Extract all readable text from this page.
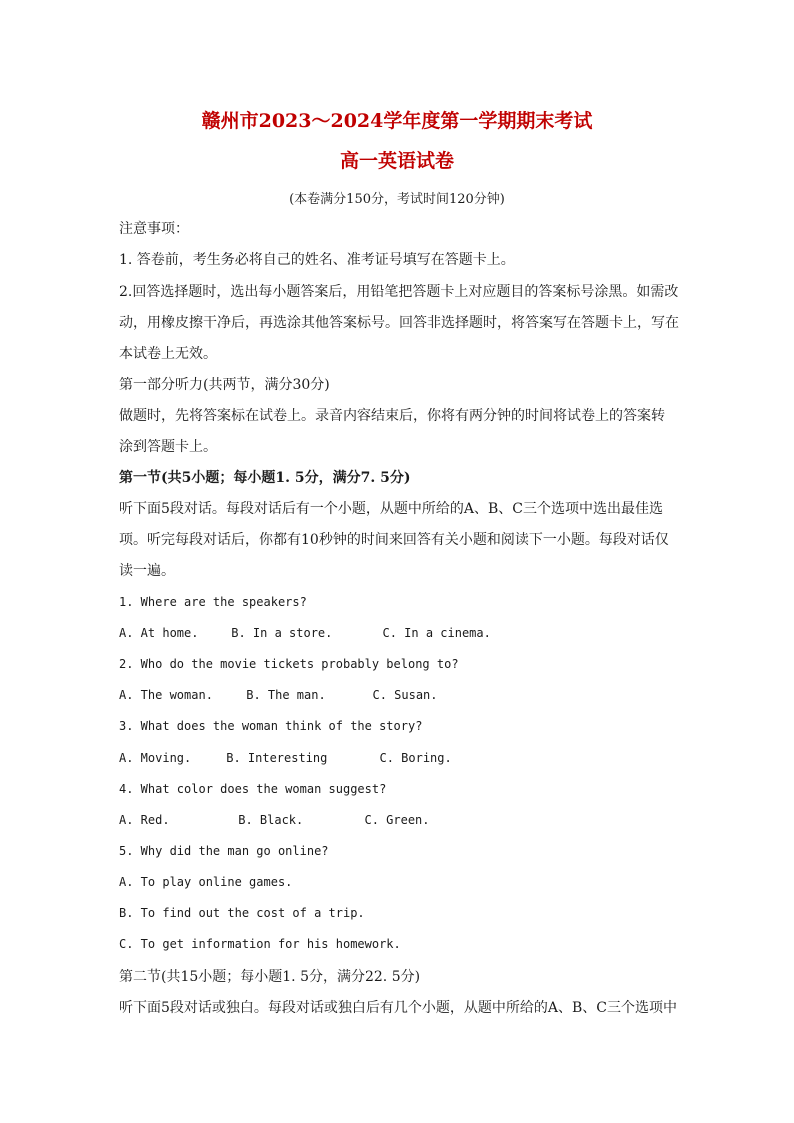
赣州市2023～2024学年度第一学期期末考试
高一英语试卷
(本卷满分150分，考试时间120分钟)
注意事项：
1. 答卷前，考生务必将自己的姓名、准考证号填写在答题卡上。
2.回答选择题时，选出每小题答案后，用铅笔把答题卡上对应题目的答案标号涂黑。如需改
动，用橡皮擦干净后，再选涂其他答案标号。回答非选择题时，将答案写在答题卡上，写在
本试卷上无效。
第一部分听力(共两节，满分30分)
做题时，先将答案标在试卷上。录音内容结束后，你将有两分钟的时间将试卷上的答案转
涂到答题卡上。
第一节(共5小题；每小题1. 5分，满分7. 5分)
听下面5段对话。每段对话后有一个小题，从题中所给的A、B、C三个选项中选出最佳选
项。听完每段对话后，你都有10秒钟的时间来回答有关小题和阅读下一小题。每段对话仅
读一遍。
1. Where are the speakers?
A. At home.	B. In a store.	C. In a cinema.
2. Who do the movie tickets probably belong to?
A. The woman.	B. The man.	C. Susan.
3. What does the woman think of the story?
A. Moving.	B. Interesting	C. Boring.
4. What color does the woman suggest?
A. Red.	B. Black.	C. Green.
5. Why did the man go online?
A. To play online games.
B. To find out the cost of a trip.
C. To get information for his homework.
第二节(共15小题；每小题1. 5分，满分22. 5分)
听下面5段对话或独白。每段对话或独白后有几个小题，从题中所给的A、B、C三个选项中
